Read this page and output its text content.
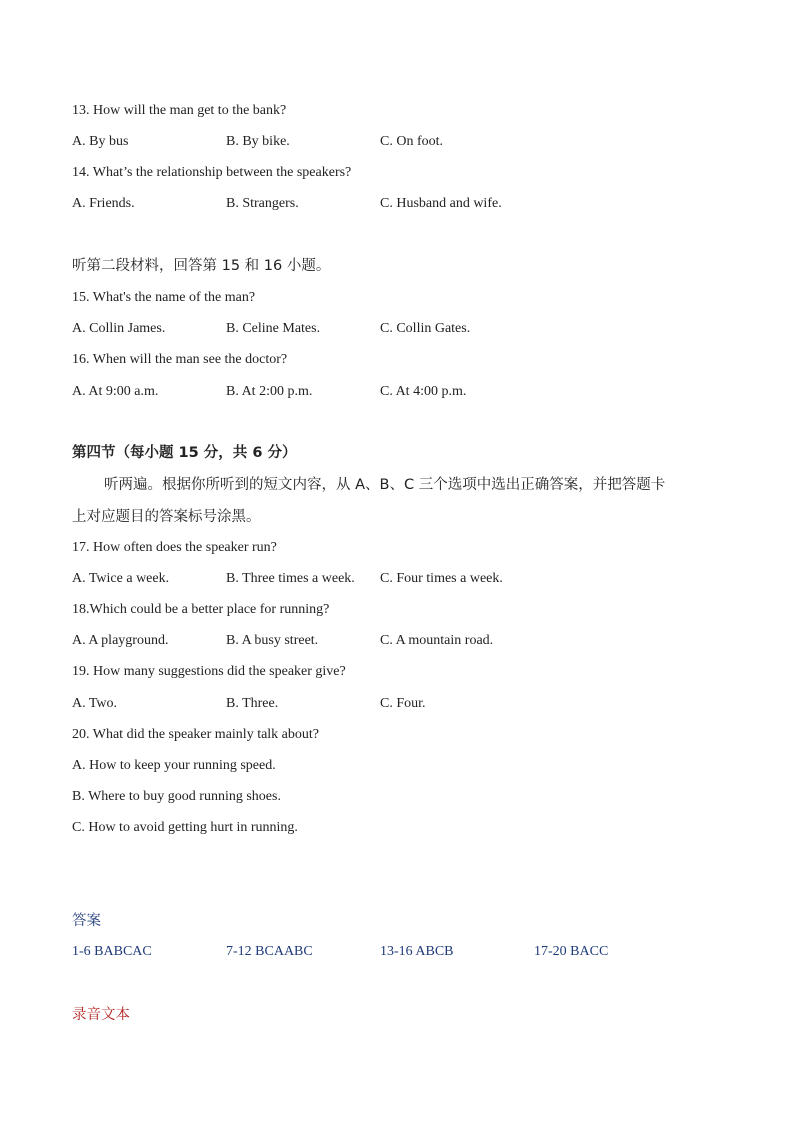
13. How will the man get to the bank?
A. By bus	B. By bike.	C. On foot.
14. What’s the relationship between the speakers?
A. Friends.	B. Strangers.	C. Husband and wife.
听第二段材料，回答第 15 和 16 小题。
15. What's the name of the man?
A. Collin James.	B. Celine Mates.	C. Collin Gates.
16. When will the man see the doctor?
A. At 9:00 a.m.	B. At 2:00 p.m.	C. At 4:00 p.m.
第四节（每小题 15 分，共 6 分）
听两遍。根据你所听到的短文内容，从 A、B、C 三个选项中选出正确答案，并把答题卡
上对应题目的答案标号涂黑。
17. How often does the speaker run?
A. Twice a week.	B. Three times a week. C. Four times a week.
18.Which could be a better place for running?
A. A playground.	B. A busy street.	C. A mountain road.
19. How many suggestions did the speaker give?
A. Two.	B. Three.	C. Four.
20. What did the speaker mainly talk about?
A. How to keep your running speed.
B. Where to buy good running shoes.
C. How to avoid getting hurt in running.
答案
1-6 BABCAC	7-12 BCAABC	13-16 ABCB	17-20 BACC
录音文本
